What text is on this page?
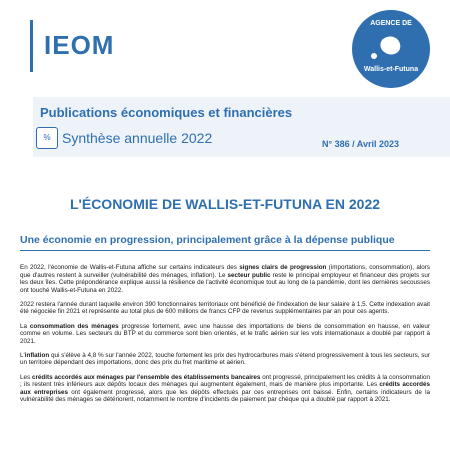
IEOM
AGENCE DE
Wallis-et-Futuna
Publications économiques et financières
% Synthèse annuelle 2022	N° 386 / Avril 2023
L'ÉCONOMIE DE WALLIS-ET-FUTUNA EN 2022
Une économie en progression, principalement grâce à la dépense publique

En 2022, l'économie de Wallis-et-Futuna affiche sur certains indicateurs des signes clairs de progression (importations, consommation), alors que d'autres restent à surveiller (vulnérabilité des ménages, inflation). Le secteur public reste le principal employeur et financeur des projets sur les deux îles. Cette prépondérance explique aussi la résilience de l'activité économique tout au long de la pandémie, dont les dernières secousses ont touché Wallis-et-Futuna en 2022.

2022 restera l'année durant laquelle environ 390 fonctionnaires territoriaux ont bénéficié de l'indexation de leur salaire à 1,5. Cette indexation avait été négociée fin 2021 et représente au total plus de 600 millions de francs CFP de revenus supplémentaires par an pour ces agents.

La consommation des ménages progresse fortement, avec une hausse des importations de biens de consommation en hausse, en valeur comme en volume. Les secteurs du BTP et du commerce sont bien orientés, et le trafic aérien sur les vols internationaux a doublé par rapport à 2021.

L'inflation qui s'élève à 4,8 % sur l'année 2022, touche fortement les prix des hydrocarbures mais s'étend progressivement à tous les secteurs, sur un territoire dépendant des importations, donc des prix du fret maritime et aérien.

Les crédits accordés aux ménages par l'ensemble des établissements bancaires ont progressé, principalement les crédits à la consommation ; ils restent très inférieurs aux dépôts locaux des ménages qui augmentent également, mais de manière plus importante. Les crédits accordés aux entreprises ont également progressé, alors que les dépôts effectués par ces entreprises ont baissé. Enfin, certains indicateurs de la vulnérabilité des ménages se détériorent, notamment le nombre d'incidents de paiement par chèque qui a doublé par rapport à 2021.
